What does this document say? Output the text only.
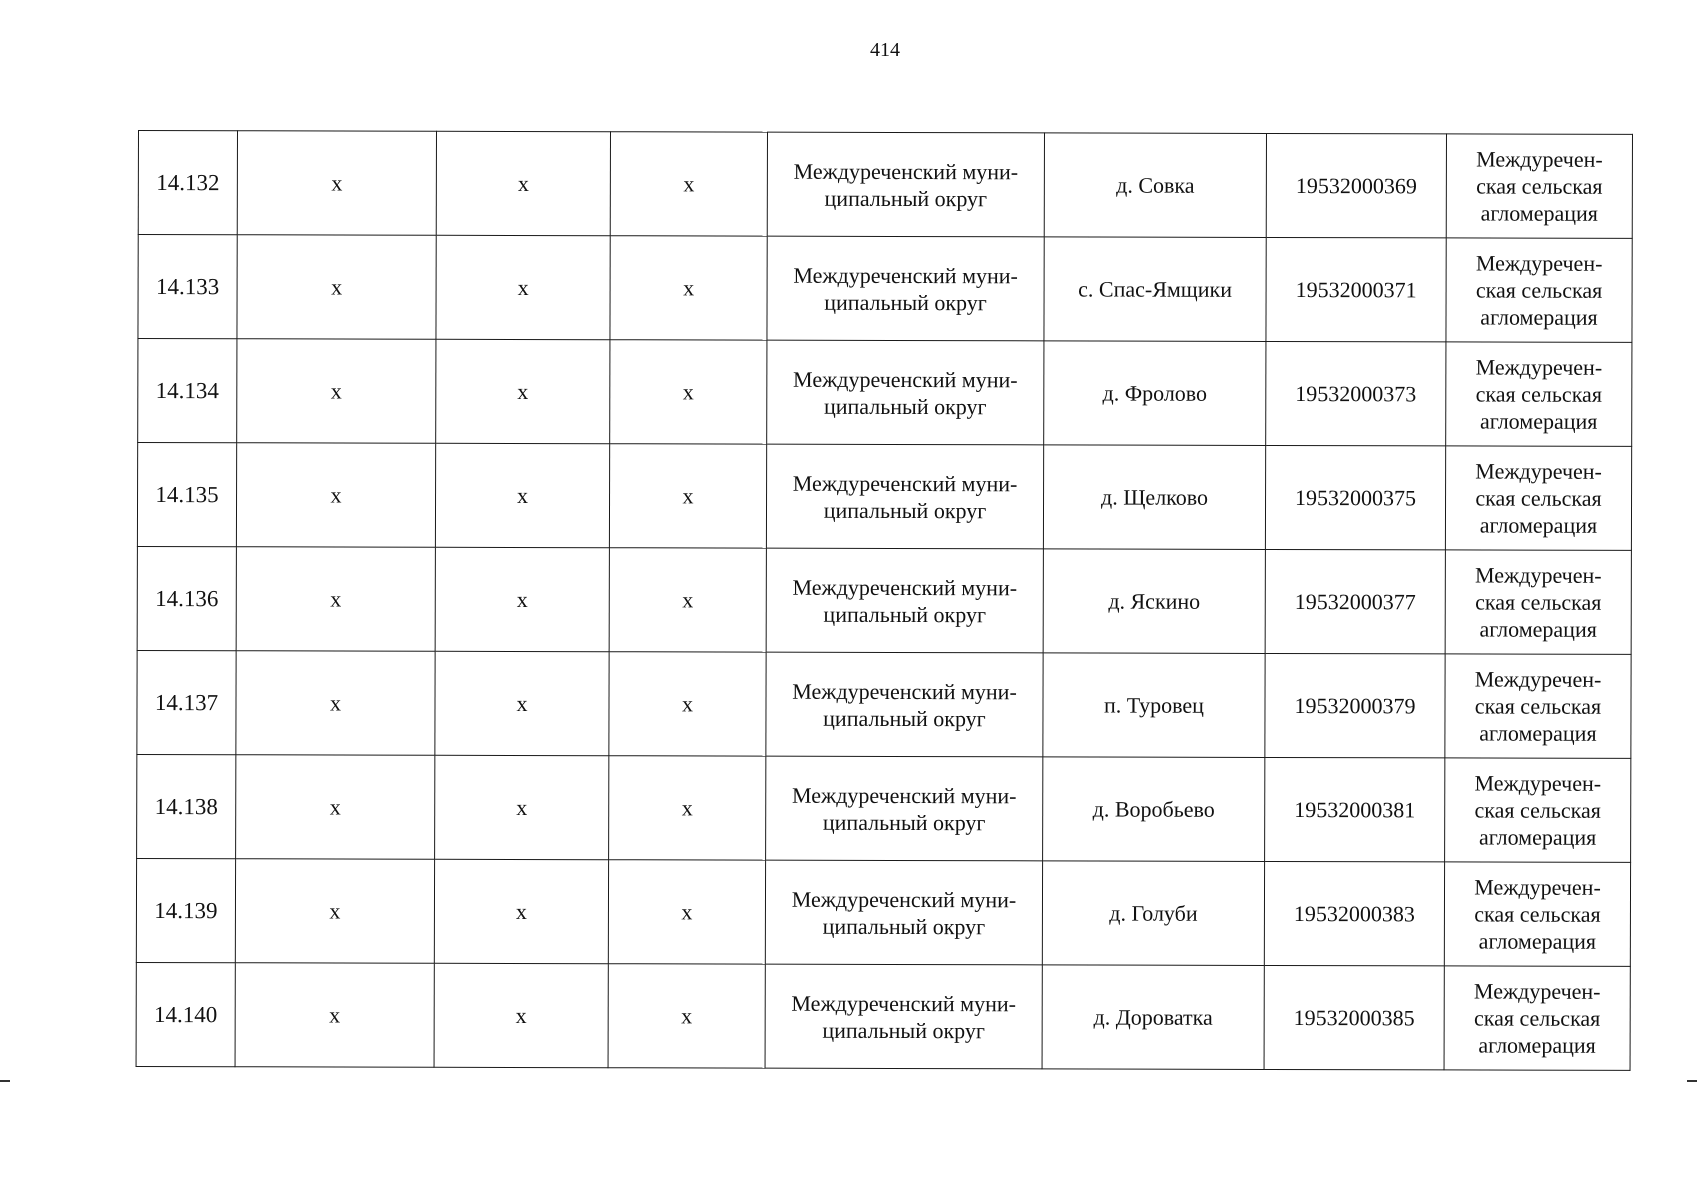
414
14.132	х	х	х	Междуреченский муни-
ципальный округ	д. Совка	19532000369	Междуречен-
ская сельская
агломерация

14.133	х	х	х	Междуреченский муни-
ципальный округ	с. Спас-Ямщики	19532000371	Междуречен-
ская сельская
агломерация

14.134	х	х	х	Междуреченский муни-
ципальный округ	д. Фролово	19532000373	Междуречен-
ская сельская
агломерация

14.135	х	х	х	Междуреченский муни-
ципальный округ	д. Щелково	19532000375	Междуречен-
ская сельская
агломерация

14.136	х	х	х	Междуреченский муни-
ципальный округ	д. Яскино	19532000377	Междуречен-
ская сельская
агломерация

14.137	х	х	х	Междуреченский муни-
ципальный округ	п. Туровец	19532000379	Междуречен-
ская сельская
агломерация

14.138	х	х	х	Междуреченский муни-
ципальный округ	д. Воробьево	19532000381	Междуречен-
ская сельская
агломерация

14.139	х	х	х	Междуреченский муни-
ципальный округ	д. Голуби	19532000383	Междуречен-
ская сельская
агломерация

14.140	х	х	х	Междуреченский муни-
ципальный округ	д. Дороватка	19532000385	Междуречен-
ская сельская
агломерация
